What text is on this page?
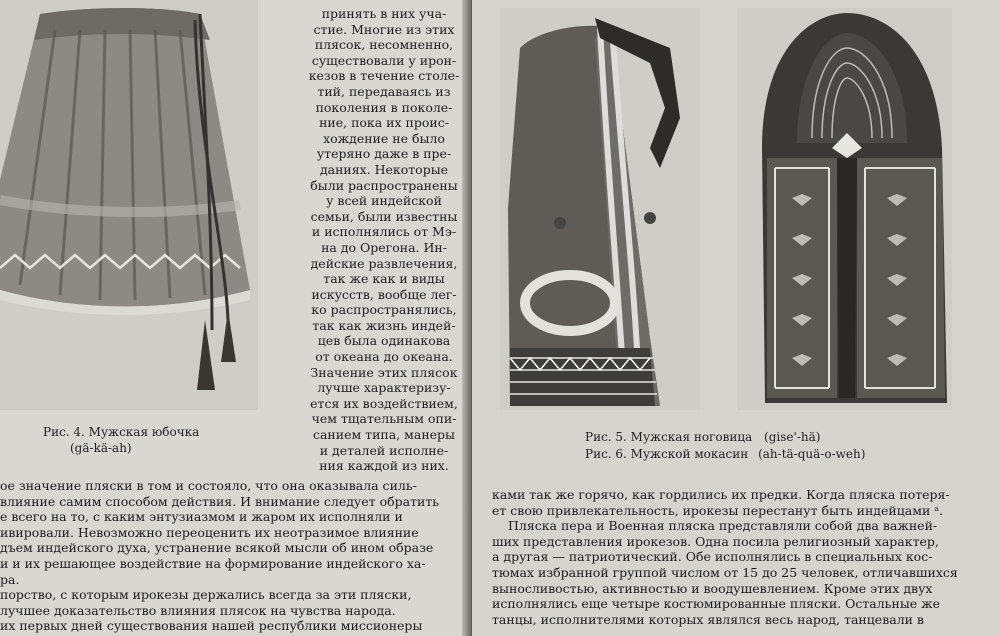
Рис. 4. Мужская юбочка
(gä-kä-ah)
принять в них уча-
стие. Многие из этих
плясок, несомненно,
существовали у ирон-
кезов в течение столе-
тий, передаваясь из
поколения в поколе-
ние, пока их проис-
хождение не было
утеряно даже в пре-
даниях. Некоторые
были распространены
у всей индейской
семьи, были известны
и исполнялись от Мэ-
на до Орегона. Ин-
дейские развлечения,
так же как и виды
искусств, вообще лег-
ко распространялись,
так как жизнь индей-
цев была одинакова
от океана до океана.
Значение этих плясок
лучше характеризу-
ется их воздействием,
чем тщательным опи-
санием типа, манеры
и деталей исполне-
ния каждой из них.
ое значение пляски в том и состояло, что она оказывала силь-
влияние самим способом действия. И внимание следует обратить
е всего на то, с каким энтузиазмом и жаром их исполняли и
ивировали. Невозможно переоценить их неотразимое влияние
дъем индейского духа, устранение всякой мысли об ином образе
и и их решающее воздействие на формирование индейского ха-
ра.
порство, с которым ирокезы держались всегда за эти пляски,
лучшее доказательство влияния плясок на чувства народа.
их первых дней существования нашей республики миссионеры
Рис. 5. Мужская ноговица (gise'-hä)
Рис. 6. Мужской мокасин (ah-tä-quä-o-weh)
ками так же горячо, как гордились их предки. Когда пляска потеря-
ет свою привлекательность, ирокезы перестанут быть индейцами ᵃ.
Пляска пера и Военная пляска представляли собой два важней-
ших представления ирокезов. Одна посила религиозный характер,
а другая — патриотический. Обе исполнялись в специальных кос-
тюмах избранной группой числом от 15 до 25 человек, отличавшихся
выносливостью, активностью и воодушевлением. Кроме этих двух
исполнялись еще четыре костюмированные пляски. Остальные же
танцы, исполнителями которых являлся весь народ, танцевали в
